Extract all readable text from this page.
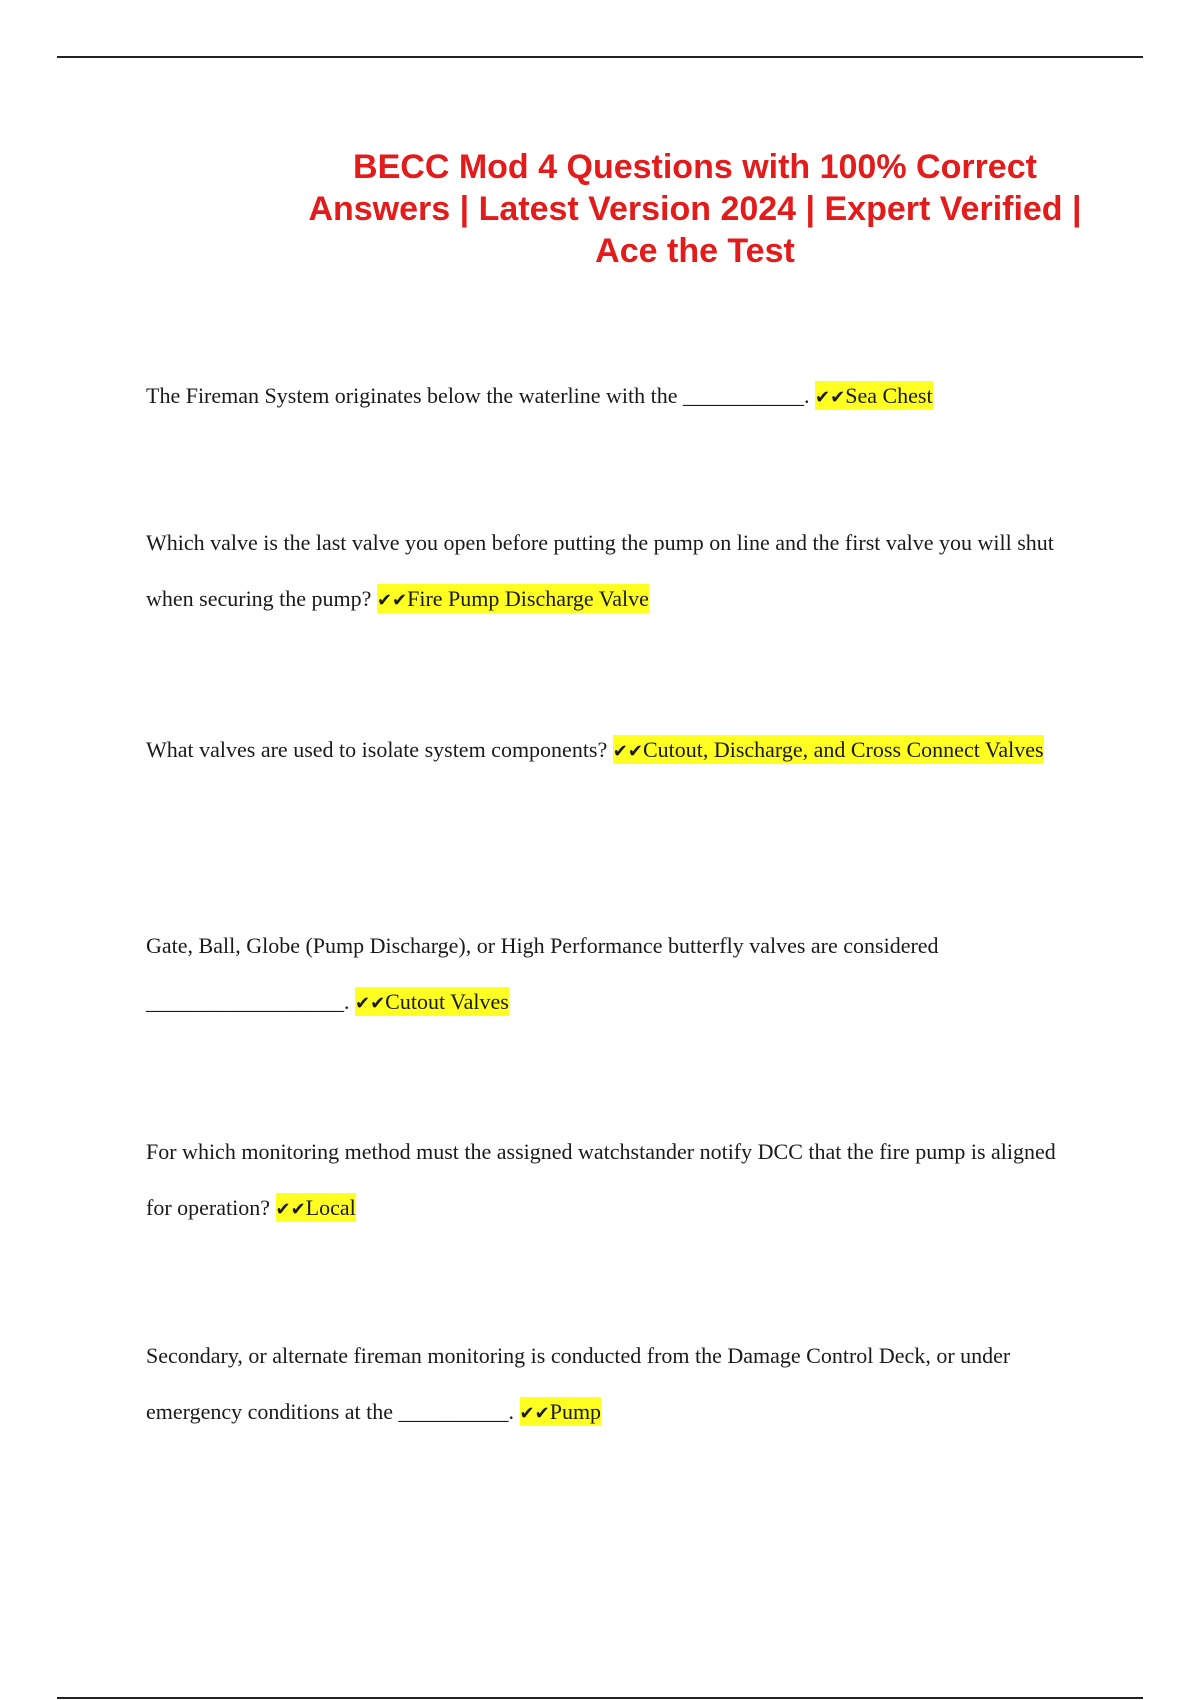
BECC Mod 4 Questions with 100% Correct Answers | Latest Version 2024 | Expert Verified | Ace the Test

The Fireman System originates below the waterline with the ___________. ✔✔Sea Chest

Which valve is the last valve you open before putting the pump on line and the first valve you will shut when securing the pump? ✔✔Fire Pump Discharge Valve

What valves are used to isolate system components? ✔✔Cutout, Discharge, and Cross Connect Valves

Gate, Ball, Globe (Pump Discharge), or High Performance butterfly valves are considered __________________. ✔✔Cutout Valves

For which monitoring method must the assigned watchstander notify DCC that the fire pump is aligned for operation? ✔✔Local

Secondary, or alternate fireman monitoring is conducted from the Damage Control Deck, or under emergency conditions at the __________. ✔✔Pump
